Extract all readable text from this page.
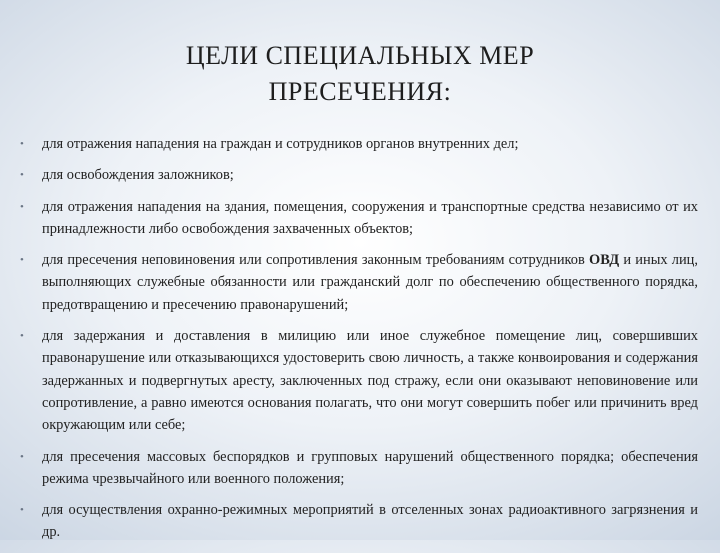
ЦЕЛИ СПЕЦИАЛЬНЫХ МЕР
ПРЕСЕЧЕНИЯ:
• для отражения нападения на граждан и сотрудников органов внутренних дел;
• для освобождения заложников;
• для отражения нападения на здания, помещения, сооружения и транспортные средства независимо от их принадлежности либо освобождения захваченных объектов;
• для пресечения неповиновения или сопротивления законным требованиям сотрудников ОВД и иных лиц, выполняющих служебные обязанности или гражданский долг по обеспечению общественного порядка, предотвращению и пресечению правонарушений;
• для задержания и доставления в милицию или иное служебное помещение лиц, совершивших правонарушение или отказывающихся удостоверить свою личность, а также конвоирования и содержания задержанных и подвергнутых аресту, заключенных под стражу, если они оказывают неповиновение или сопротивление, а равно имеются основания полагать, что они могут совершить побег или причинить вред окружающим или себе;
• для пресечения массовых беспорядков и групповых нарушений общественного порядка; обеспечения режима чрезвычайного или военного положения;
• для осуществления охранно-режимных мероприятий в отселенных зонах радиоактивного загрязнения и др.
